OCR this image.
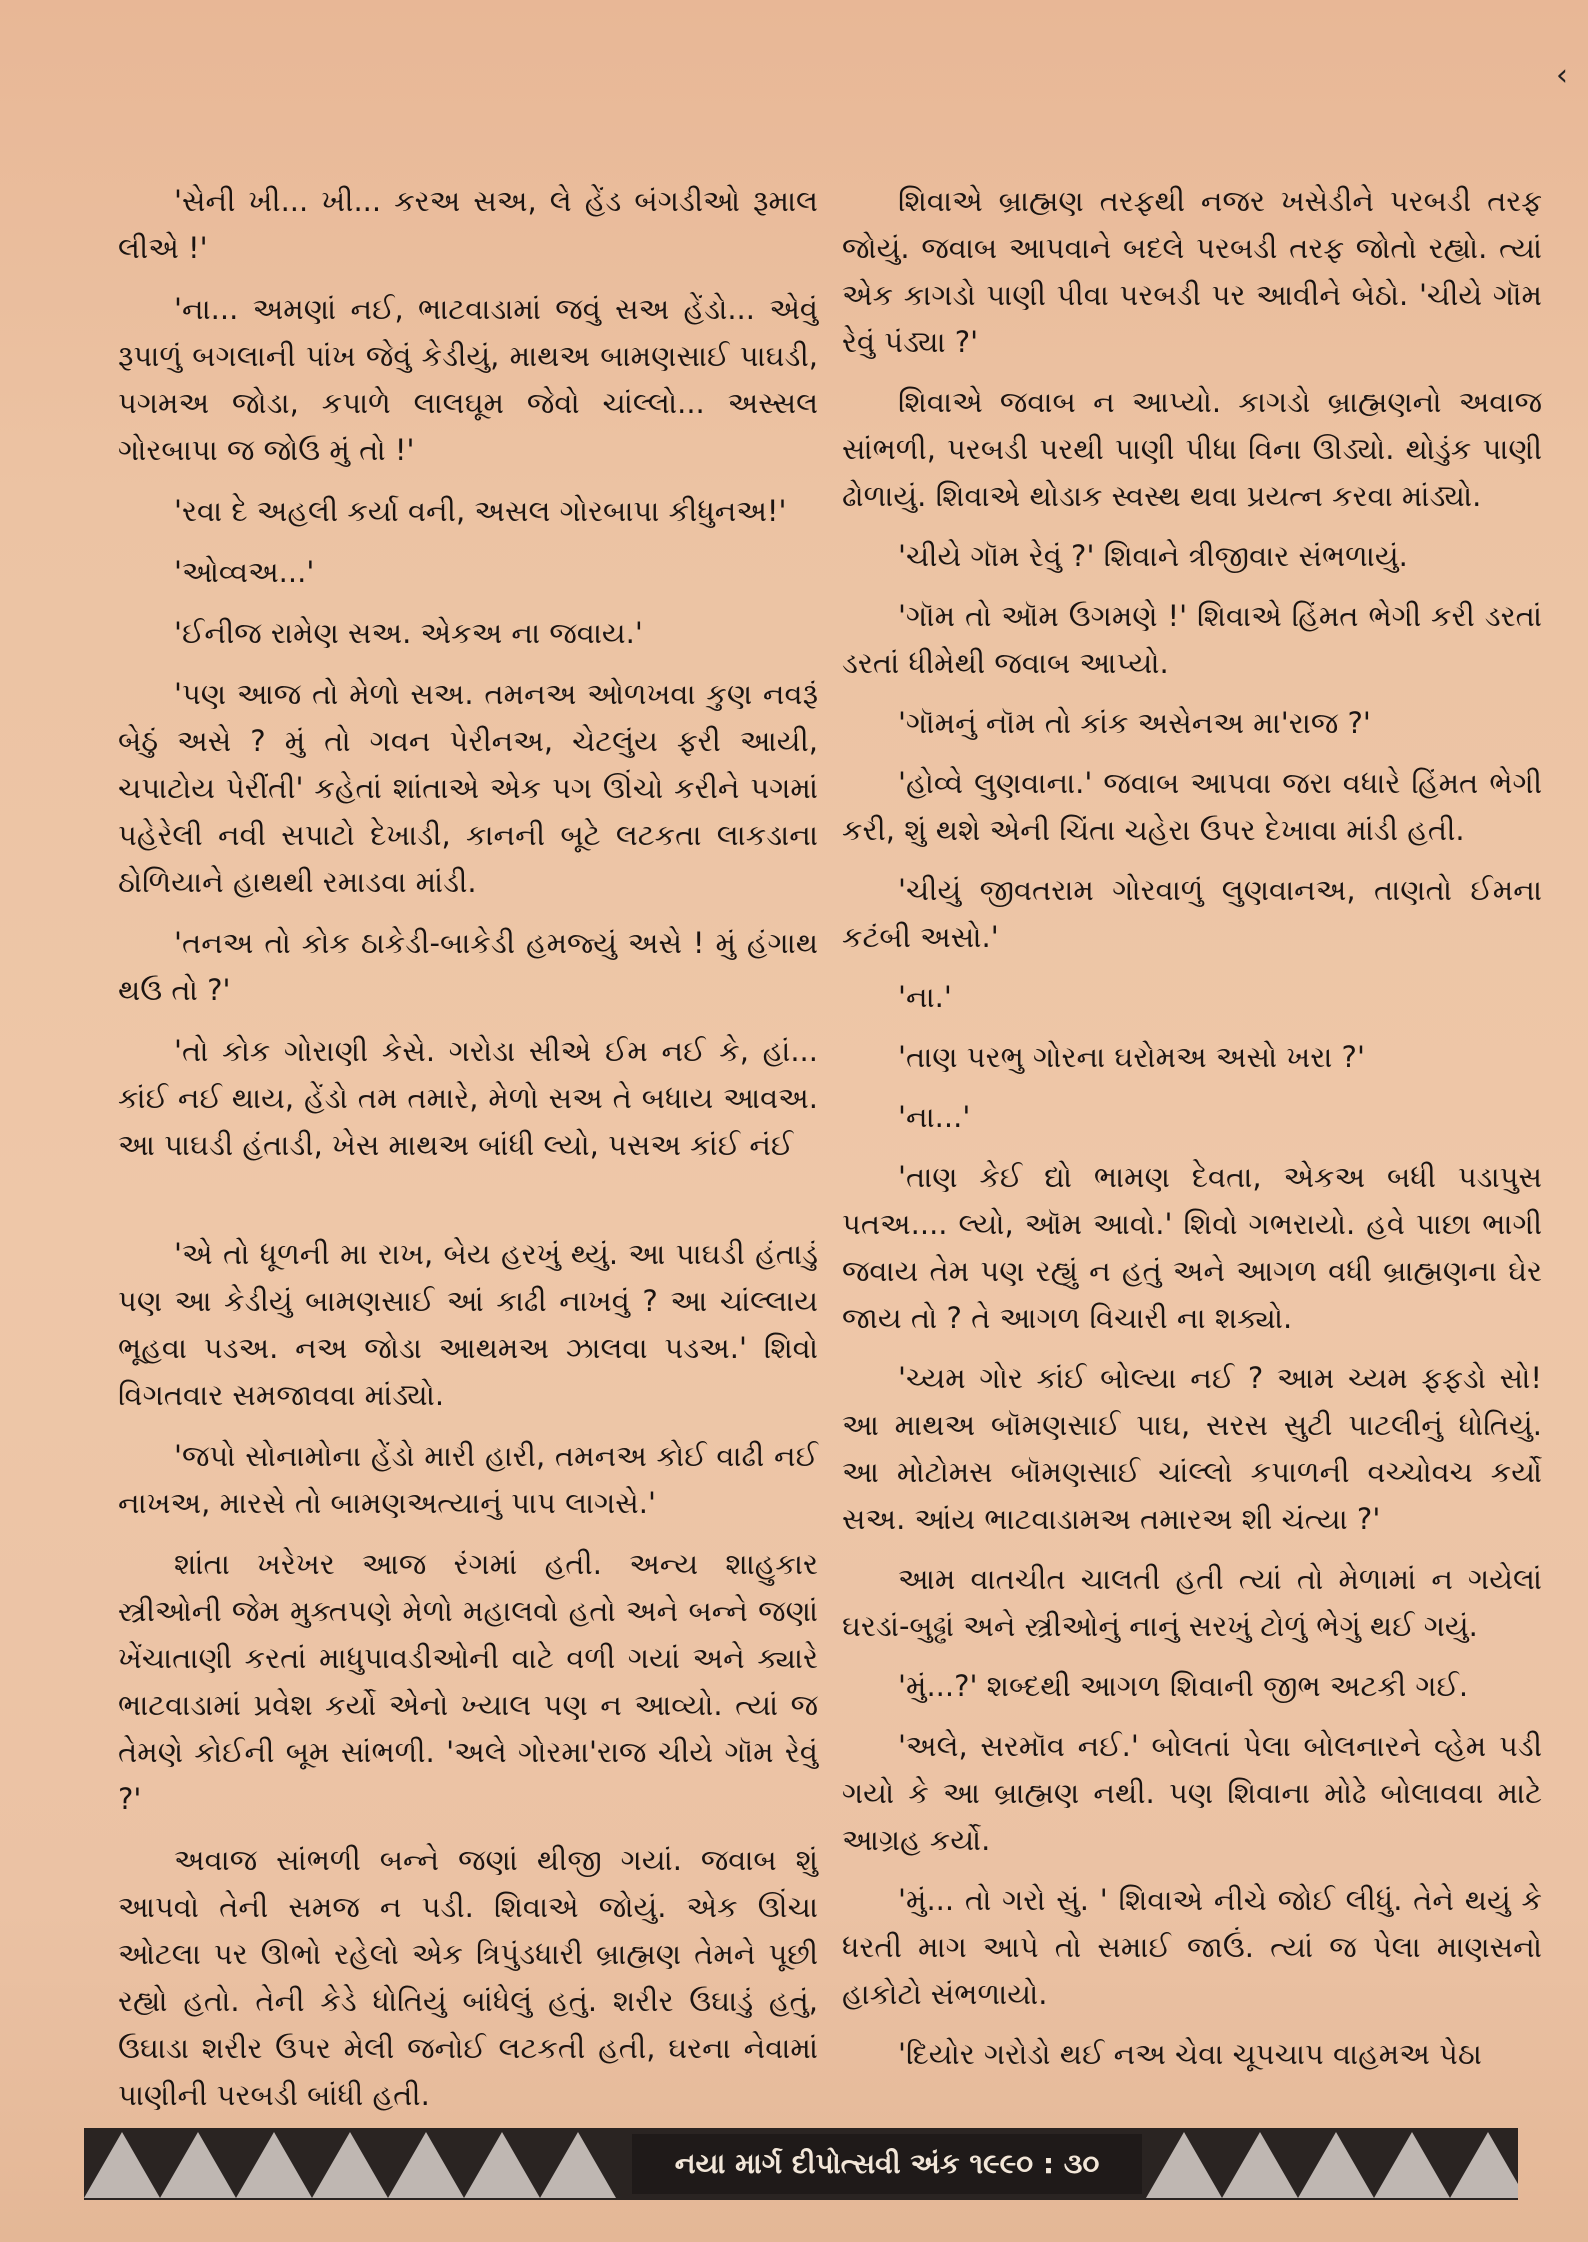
‹

'સેની ખી... ખી... કરઅ સઅ, લે હેંડ બંગડીઓ રૂમાલ લીએ !'

'ના... અમણાં નઈ, ભાટવાડામાં જવું સઅ હેંડો... એવું રૂપાળું બગલાની પાંખ જેવું કેડીયું, માથઅ બામણસાઈ પાઘડી, પગમઅ જોડા, કપાળે લાલઘૂમ જેવો ચાંલ્લો... અસ્સલ ગોરબાપા જ જોઉ મું તો !'

'રવા દે અહલી કર્યા વની, અસલ ગોરબાપા કીધુનઅ!'

'ઓવ્વઅ...'

'ઈનીજ રામેણ સઅ. એકઅ ના જવાય.'

'પણ આજ તો મેળો સઅ. તમનઅ ઓળખવા કુણ નવરૂં બેઠું અસે ? મું તો ગવન પેરીનઅ, ચેટલુંય ફરી આયી, ચપાટોય પેરીંતી' કહેતાં શાંતાએ એક પગ ઊંચો કરીને પગમાં પહેરેલી નવી સપાટો દેખાડી, કાનની બૂટે લટકતા લાકડાના ઠોળિયાને હાથથી રમાડવા માંડી.

'તનઅ તો કોક ઠાકેડી-બાકેડી હમજ્યું અસે ! મું હંગાથ થઉ તો ?'

'તો કોક ગોરાણી કેસે. ગરોડા સીએ ઈમ નઈ કે, હાં... કાંઈ નઈ થાય, હેંડો તમ તમારે, મેળો સઅ તે બધાય આવઅ. આ પાઘડી હંતાડી, ખેસ માથઅ બાંધી લ્યો, પસઅ કાંઈ નંઈ

'એ તો ધૂળની મા રાખ, બેય હરખું થ્યું. આ પાઘડી હંતાડું પણ આ કેડીયું બામણસાઈ આં કાઢી નાખવું ? આ ચાંલ્લાય ભૂહવા પડઅ. નઅ જોડા આથમઅ ઝાલવા પડઅ.' શિવો વિગતવાર સમજાવવા માંડ્યો.

'જપો સોનામોના હેંડો મારી હારી, તમનઅ કોઈ વાઢી નઈ નાખઅ, મારસે તો બામણઅત્યાનું પાપ લાગસે.'

શાંતા ખરેખર આજ રંગમાં હતી. અન્ય શાહુકાર સ્ત્રીઓની જેમ મુક્તપણે મેળો મહાલવો હતો અને બન્ને જણાં ખેંચાતાણી કરતાં માધુપાવડીઓની વાટે વળી ગયાં અને ક્યારે ભાટવાડામાં પ્રવેશ કર્યો એનો ખ્યાલ પણ ન આવ્યો. ત્યાં જ તેમણે કોઈની બૂમ સાંભળી. 'અલે ગોરમા'રાજ ચીયે ગૉમ રેવું ?'

અવાજ સાંભળી બન્ને જણાં થીજી ગયાં. જવાબ શું આપવો તેની સમજ ન પડી. શિવાએ જોયું. એક ઊંચા ઓટલા પર ઊભો રહેલો એક ત્રિપુંડધારી બ્રાહ્મણ તેમને પૂછી રહ્યો હતો. તેની કેડે ધોતિયું બાંધેલું હતું. શરીર ઉઘાડું હતું, ઉઘાડા શરીર ઉપર મેલી જનોઈ લટકતી હતી, ઘરના નેવામાં પાણીની પરબડી બાંધી હતી.

શિવાએ બ્રાહ્મણ તરફથી નજર ખસેડીને પરબડી તરફ જોયું. જવાબ આપવાને બદલે પરબડી તરફ જોતો રહ્યો. ત્યાં એક કાગડો પાણી પીવા પરબડી પર આવીને બેઠો. 'ચીયે ગૉમ રેવું પંડ્યા ?'

શિવાએ જવાબ ન આપ્યો. કાગડો બ્રાહ્મણનો અવાજ સાંભળી, પરબડી પરથી પાણી પીધા વિના ઊડ્યો. થોડુંક પાણી ઢોળાયું. શિવાએ થોડાક સ્વસ્થ થવા પ્રયત્ન કરવા માંડ્યો.

'ચીયે ગૉમ રેવું ?' શિવાને ત્રીજીવાર સંભળાયું.

'ગૉમ તો ઑમ ઉગમણે !' શિવાએ હિંમત ભેગી કરી ડરતાં ડરતાં ધીમેથી જવાબ આપ્યો.

'ગૉમનું નૉમ તો કાંક અસેનઅ મા'રાજ ?'

'હોવ્વે લુણવાના.' જવાબ આપવા જરા વધારે હિંમત ભેગી કરી, શું થશે એની ચિંતા ચહેરા ઉપર દેખાવા માંડી હતી.

'ચીયું જીવતરામ ગોરવાળું લુણવાનઅ, તાણતો ઈમના કટંબી અસો.'

'ના.'

'તાણ પરભુ ગોરના ઘરોમઅ અસો ખરા ?'

'ના...'

'તાણ કેઈ દ્યો ભામણ દેવતા, એકઅ બધી પડાપુસ પતઅ.... લ્યો, ઑમ આવો.' શિવો ગભરાયો. હવે પાછા ભાગી જવાય તેમ પણ રહ્યું ન હતું અને આગળ વધી બ્રાહ્મણના ઘેર જાય તો ? તે આગળ વિચારી ના શક્યો.

'ચ્યમ ગોર કાંઈ બોલ્યા નઈ ? આમ ચ્યમ ફફડો સો! આ માથઅ બૉમણસાઈ પાઘ, સરસ સુટી પાટલીનું ધોતિયું. આ મોટોમસ બૉમણસાઈ ચાંલ્લો કપાળની વચ્ચોવચ કર્યો સઅ. આંય ભાટવાડામઅ તમારઅ શી ચંત્યા ?'

આમ વાતચીત ચાલતી હતી ત્યાં તો મેળામાં ન ગયેલાં ઘરડાં-બુઢ્ઢાં અને સ્ત્રીઓનું નાનું સરખું ટોળું ભેગું થઈ ગયું.

'મું...?' શબ્દથી આગળ શિવાની જીભ અટકી ગઈ.

'અલે, સરમૉવ નઈ.' બોલતાં પેલા બોલનારને વ્હેમ પડી ગયો કે આ બ્રાહ્મણ નથી. પણ શિવાના મોઢે બોલાવવા માટે આગ્રહ કર્યો.

'મું... તો ગરો સું. ' શિવાએ નીચે જોઈ લીધું. તેને થયું કે ધરતી માગ આપે તો સમાઈ જાઉં. ત્યાં જ પેલા માણસનો હાકોટો સંભળાયો.

'દિયોર ગરોડો થઈ નઅ ચેવા ચૂપચાપ વાહમઅ પેઠા

નયા માર્ગ દીપોત્સવી અંક ૧૯૯૦ : ૩૦
